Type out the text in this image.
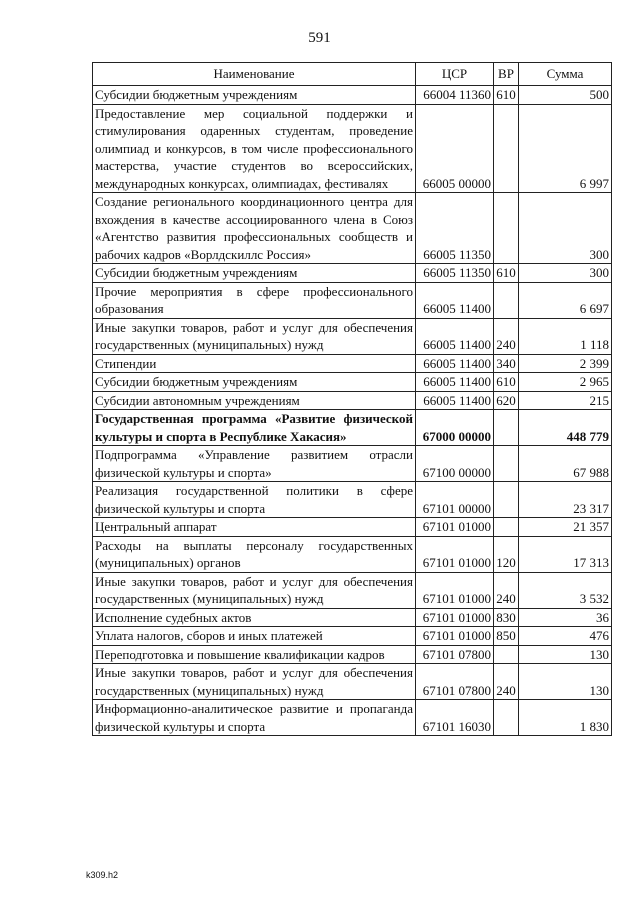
591
Наименование	ЦСР	ВР	Сумма
Субсидии бюджетным учреждениям	66004 11360	610	500
Предоставление мер социальной поддержки и стимулирования одаренных студентам, проведение олимпиад и конкурсов, в том числе профессионального мастерства, участие студентов во всероссийских, международных конкурсах, олимпиадах, фестивалях	66005 00000		6 997
Создание регионального координационного центра для вхождения в качестве ассоциированного члена в Союз «Агентство развития профессиональных сообществ и рабочих кадров «Ворлдскиллс Россия»	66005 11350		300
Субсидии бюджетным учреждениям	66005 11350	610	300
Прочие мероприятия в сфере профессионального образования	66005 11400		6 697
Иные закупки товаров, работ и услуг для обеспечения государственных (муниципальных) нужд	66005 11400	240	1 118
Стипендии	66005 11400	340	2 399
Субсидии бюджетным учреждениям	66005 11400	610	2 965
Субсидии автономным учреждениям	66005 11400	620	215
Государственная программа «Развитие физической культуры и спорта в Республике Хакасия»	67000 00000		448 779
Подпрограмма «Управление развитием отрасли физической культуры и спорта»	67100 00000		67 988
Реализация государственной политики в сфере физической культуры и спорта	67101 00000		23 317
Центральный аппарат	67101 01000		21 357
Расходы на выплаты персоналу государственных (муниципальных) органов	67101 01000	120	17 313
Иные закупки товаров, работ и услуг для обеспечения государственных (муниципальных) нужд	67101 01000	240	3 532
Исполнение судебных актов	67101 01000	830	36
Уплата налогов, сборов и иных платежей	67101 01000	850	476
Переподготовка и повышение квалификации кадров	67101 07800		130
Иные закупки товаров, работ и услуг для обеспечения государственных (муниципальных) нужд	67101 07800	240	130
Информационно-аналитическое развитие и пропаганда физической культуры и спорта	67101 16030		1 830
k309.h2
